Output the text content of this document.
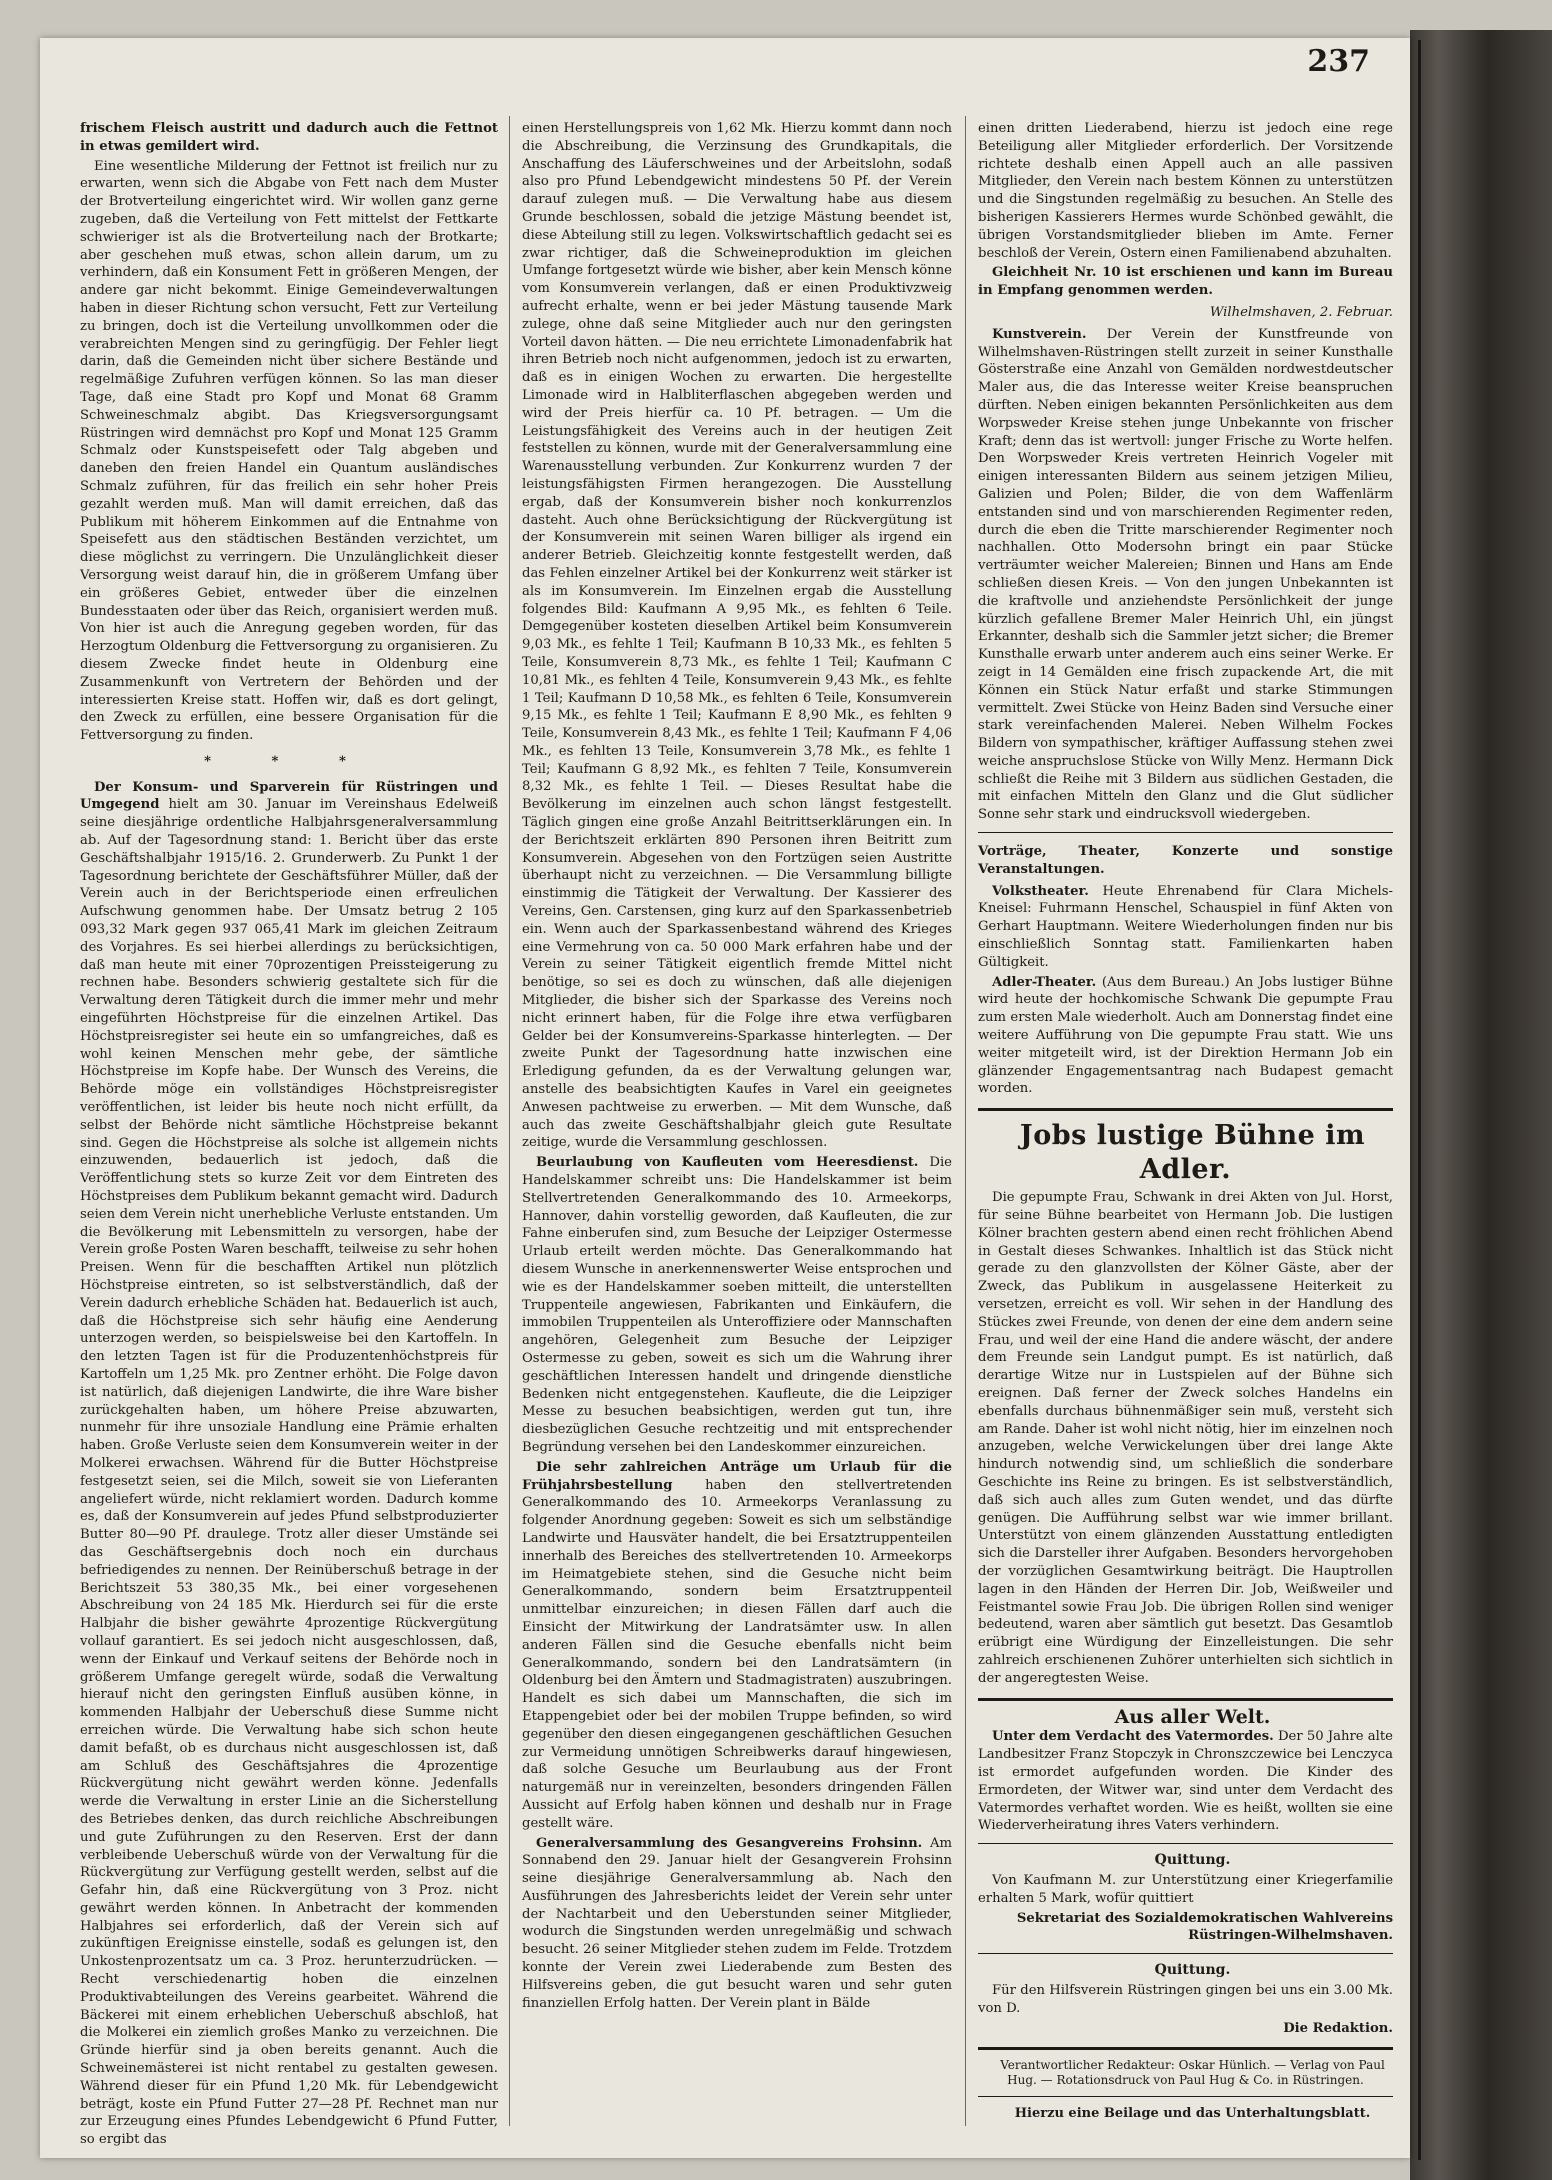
237

frischem Fleisch austritt und dadurch auch die Fettnot in etwas gemildert wird.

Eine wesentliche Milderung der Fettnot ist freilich nur zu erwarten, wenn sich die Abgabe von Fett nach dem Muster der Brotverteilung eingerichtet wird. Wir wollen ganz gerne zugeben, daß die Verteilung von Fett mittelst der Fettkarte schwieriger ist als die Brotverteilung nach der Brotkarte; aber geschehen muß etwas, schon allein darum, um zu verhindern, daß ein Konsument Fett in größeren Mengen, der andere gar nicht bekommt. Einige Gemeindeverwaltungen haben in dieser Richtung schon versucht, Fett zur Verteilung zu bringen, doch ist die Verteilung unvollkommen oder die verabreichten Mengen sind zu geringfügig. Der Fehler liegt darin, daß die Gemeinden nicht über sichere Bestände und regelmäßige Zufuhren verfügen können. So las man dieser Tage, daß eine Stadt pro Kopf und Monat 68 Gramm Schweineschmalz abgibt. Das Kriegsversorgungsamt Rüstringen wird demnächst pro Kopf und Monat 125 Gramm Schmalz oder Kunstspeisefett oder Talg abgeben und daneben den freien Handel ein Quantum ausländisches Schmalz zuführen, für das freilich ein sehr hoher Preis gezahlt werden muß. Man will damit erreichen, daß das Publikum mit höherem Einkommen auf die Entnahme von Speisefett aus den städtischen Beständen verzichtet, um diese möglichst zu verringern. Die Unzulänglichkeit dieser Versorgung weist darauf hin, die in größerem Umfang über ein größeres Gebiet, entweder über die einzelnen Bundesstaaten oder über das Reich, organisiert werden muß. Von hier ist auch die Anregung gegeben worden, für das Herzogtum Oldenburg die Fettversorgung zu organisieren. Zu diesem Zwecke findet heute in Oldenburg eine Zusammenkunft von Vertretern der Behörden und der interessierten Kreise statt. Hoffen wir, daß es dort gelingt, den Zweck zu erfüllen, eine bessere Organisation für die Fettversorgung zu finden.

* * *

Der Konsum- und Sparverein für Rüstringen und Umgegend hielt am 30. Januar im Vereinshaus Edelweiß seine diesjährige ordentliche Halbjahrsgeneralversammlung ab. Auf der Tagesordnung stand: 1. Bericht über das erste Geschäftshalbjahr 1915/16. 2. Grunderwerb. Zu Punkt 1 der Tagesordnung berichtete der Geschäftsführer Müller, daß der Verein auch in der Berichtsperiode einen erfreulichen Aufschwung genommen habe. Der Umsatz betrug 2 105 093,32 Mark gegen 937 065,41 Mark im gleichen Zeitraum des Vorjahres. Es sei hierbei allerdings zu berücksichtigen, daß man heute mit einer 70prozentigen Preissteigerung zu rechnen habe. Besonders schwierig gestaltete sich für die Verwaltung deren Tätigkeit durch die immer mehr und mehr eingeführten Höchstpreise für die einzelnen Artikel. Das Höchstpreisregister sei heute ein so umfangreiches, daß es wohl keinen Menschen mehr gebe, der sämtliche Höchstpreise im Kopfe habe. Der Wunsch des Vereins, die Behörde möge ein vollständiges Höchstpreisregister veröffentlichen, ist leider bis heute noch nicht erfüllt, da selbst der Behörde nicht sämtliche Höchstpreise bekannt sind. Gegen die Höchstpreise als solche ist allgemein nichts einzuwenden, bedauerlich ist jedoch, daß die Veröffentlichung stets so kurze Zeit vor dem Eintreten des Höchstpreises dem Publikum bekannt gemacht wird. Dadurch seien dem Verein nicht unerhebliche Verluste entstanden. Um die Bevölkerung mit Lebensmitteln zu versorgen, habe der Verein große Posten Waren beschafft, teilweise zu sehr hohen Preisen. Wenn für die beschafften Artikel nun plötzlich Höchstpreise eintreten, so ist selbstverständlich, daß der Verein dadurch erhebliche Schäden hat. Bedauerlich ist auch, daß die Höchstpreise sich sehr häufig eine Aenderung unterzogen werden, so beispielsweise bei den Kartoffeln. In den letzten Tagen ist für die Produzentenhöchstpreis für Kartoffeln um 1,25 Mk. pro Zentner erhöht. Die Folge davon ist natürlich, daß diejenigen Landwirte, die ihre Ware bisher zurückgehalten haben, um höhere Preise abzuwarten, nunmehr für ihre unsoziale Handlung eine Prämie erhalten haben. Große Verluste seien dem Konsumverein weiter in der Molkerei erwachsen. Während für die Butter Höchstpreise festgesetzt seien, sei die Milch, soweit sie von Lieferanten angeliefert würde, nicht reklamiert worden. Dadurch komme es, daß der Konsumverein auf jedes Pfund selbstproduzierter Butter 80—90 Pf. draulege. Trotz aller dieser Umstände sei das Geschäftsergebnis doch noch ein durchaus befriedigendes zu nennen. Der Reinüberschuß betrage in der Berichtszeit 53 380,35 Mk., bei einer vorgesehenen Abschreibung von 24 185 Mk. Hierdurch sei für die erste Halbjahr die bisher gewährte 4prozentige Rückvergütung vollauf garantiert. Es sei jedoch nicht ausgeschlossen, daß, wenn der Einkauf und Verkauf seitens der Behörde noch in größerem Umfange geregelt würde, sodaß die Verwaltung hierauf nicht den geringsten Einfluß ausüben könne, in kommenden Halbjahr der Ueberschuß diese Summe nicht erreichen würde. Die Verwaltung habe sich schon heute damit befaßt, ob es durchaus nicht ausgeschlossen ist, daß am Schluß des Geschäftsjahres die 4prozentige Rückvergütung nicht gewährt werden könne. Jedenfalls werde die Verwaltung in erster Linie an die Sicherstellung des Betriebes denken, das durch reichliche Abschreibungen und gute Zuführungen zu den Reserven. Erst der dann verbleibende Ueberschuß würde von der Verwaltung für die Rückvergütung zur Verfügung gestellt werden, selbst auf die Gefahr hin, daß eine Rückvergütung von 3 Proz. nicht gewährt werden können. In Anbetracht der kommenden Halbjahres sei erforderlich, daß der Verein sich auf zukünftigen Ereignisse einstelle, sodaß es gelungen ist, den Unkostenprozentsatz um ca. 3 Proz. herunterzudrücken. — Recht verschiedenartig hoben die einzelnen Produktivabteilungen des Vereins gearbeitet. Während die Bäckerei mit einem erheblichen Ueberschuß abschloß, hat die Molkerei ein ziemlich großes Manko zu verzeichnen. Die Gründe hierfür sind ja oben bereits genannt. Auch die Schweinemästerei ist nicht rentabel zu gestalten gewesen. Während dieser für ein Pfund 1,20 Mk. für Lebendgewicht beträgt, koste ein Pfund Futter 27—28 Pf. Rechnet man nur zur Erzeugung eines Pfundes Lebendgewicht 6 Pfund Futter, so ergibt das

einen Herstellungspreis von 1,62 Mk. Hierzu kommt dann noch die Abschreibung, die Verzinsung des Grundkapitals, die Anschaffung des Läuferschweines und der Arbeitslohn, sodaß also pro Pfund Lebendgewicht mindestens 50 Pf. der Verein darauf zulegen muß. — Die Verwaltung habe aus diesem Grunde beschlossen, sobald die jetzige Mästung beendet ist, diese Abteilung still zu legen. Volkswirtschaftlich gedacht sei es zwar richtiger, daß die Schweineproduktion im gleichen Umfange fortgesetzt würde wie bisher, aber kein Mensch könne vom Konsumverein verlangen, daß er einen Produktivzweig aufrecht erhalte, wenn er bei jeder Mästung tausende Mark zulege, ohne daß seine Mitglieder auch nur den geringsten Vorteil davon hätten. — Die neu errichtete Limonadenfabrik hat ihren Betrieb noch nicht aufgenommen, jedoch ist zu erwarten, daß es in einigen Wochen zu erwarten. Die hergestellte Limonade wird in Halbliterflaschen abgegeben werden und wird der Preis hierfür ca. 10 Pf. betragen. — Um die Leistungsfähigkeit des Vereins auch in der heutigen Zeit feststellen zu können, wurde mit der Generalversammlung eine Warenausstellung verbunden. Zur Konkurrenz wurden 7 der leistungsfähigsten Firmen herangezogen. Die Ausstellung ergab, daß der Konsumverein bisher noch konkurrenzlos dasteht. Auch ohne Berücksichtigung der Rückvergütung ist der Konsumverein mit seinen Waren billiger als irgend ein anderer Betrieb. Gleichzeitig konnte festgestellt werden, daß das Fehlen einzelner Artikel bei der Konkurrenz weit stärker ist als im Konsumverein. Im Einzelnen ergab die Ausstellung folgendes Bild: Kaufmann A 9,95 Mk., es fehlten 6 Teile. Demgegenüber kosteten dieselben Artikel beim Konsumverein 9,03 Mk., es fehlte 1 Teil; Kaufmann B 10,33 Mk., es fehlten 5 Teile, Konsumverein 8,73 Mk., es fehlte 1 Teil; Kaufmann C 10,81 Mk., es fehlten 4 Teile, Konsumverein 9,43 Mk., es fehlte 1 Teil; Kaufmann D 10,58 Mk., es fehlten 6 Teile, Konsumverein 9,15 Mk., es fehlte 1 Teil; Kaufmann E 8,90 Mk., es fehlten 9 Teile, Konsumverein 8,43 Mk., es fehlte 1 Teil; Kaufmann F 4,06 Mk., es fehlten 13 Teile, Konsumverein 3,78 Mk., es fehlte 1 Teil; Kaufmann G 8,92 Mk., es fehlten 7 Teile, Konsumverein 8,32 Mk., es fehlte 1 Teil. — Dieses Resultat habe die Bevölkerung im einzelnen auch schon längst festgestellt. Täglich gingen eine große Anzahl Beitrittserklärungen ein. In der Berichtszeit erklärten 890 Personen ihren Beitritt zum Konsumverein. Abgesehen von den Fortzügen seien Austritte überhaupt nicht zu verzeichnen. — Die Versammlung billigte einstimmig die Tätigkeit der Verwaltung. Der Kassierer des Vereins, Gen. Carstensen, ging kurz auf den Sparkassenbetrieb ein. Wenn auch der Sparkassenbestand während des Krieges eine Vermehrung von ca. 50 000 Mark erfahren habe und der Verein zu seiner Tätigkeit eigentlich fremde Mittel nicht benötige, so sei es doch zu wünschen, daß alle diejenigen Mitglieder, die bisher sich der Sparkasse des Vereins noch nicht erinnert haben, für die Folge ihre etwa verfügbaren Gelder bei der Konsumvereins-Sparkasse hinterlegten. — Der zweite Punkt der Tagesordnung hatte inzwischen eine Erledigung gefunden, da es der Verwaltung gelungen war, anstelle des beabsichtigten Kaufes in Varel ein geeignetes Anwesen pachtweise zu erwerben. — Mit dem Wunsche, daß auch das zweite Geschäftshalbjahr gleich gute Resultate zeitige, wurde die Versammlung geschlossen.

Beurlaubung von Kaufleuten vom Heeresdienst. Die Handelskammer schreibt uns: Die Handelskammer ist beim Stellvertretenden Generalkommando des 10. Armeekorps, Hannover, dahin vorstellig geworden, daß Kaufleuten, die zur Fahne einberufen sind, zum Besuche der Leipziger Ostermesse Urlaub erteilt werden möchte. Das Generalkommando hat diesem Wunsche in anerkennenswerter Weise entsprochen und wie es der Handelskammer soeben mitteilt, die unterstellten Truppenteile angewiesen, Fabrikanten und Einkäufern, die immobilen Truppenteilen als Unteroffiziere oder Mannschaften angehören, Gelegenheit zum Besuche der Leipziger Ostermesse zu geben, soweit es sich um die Wahrung ihrer geschäftlichen Interessen handelt und dringende dienstliche Bedenken nicht entgegenstehen. Kaufleute, die die Leipziger Messe zu besuchen beabsichtigen, werden gut tun, ihre diesbezüglichen Gesuche rechtzeitig und mit entsprechender Begründung versehen bei den Landeskommer einzureichen.

Die sehr zahlreichen Anträge um Urlaub für die Frühjahrsbestellung haben den stellvertretenden Generalkommando des 10. Armeekorps Veranlassung zu folgender Anordnung gegeben: Soweit es sich um selbständige Landwirte und Hausväter handelt, die bei Ersatztruppenteilen innerhalb des Bereiches des stellvertretenden 10. Armeekorps im Heimatgebiete stehen, sind die Gesuche nicht beim Generalkommando, sondern beim Ersatztruppenteil unmittelbar einzureichen; in diesen Fällen darf auch die Einsicht der Mitwirkung der Landratsämter usw. In allen anderen Fällen sind die Gesuche ebenfalls nicht beim Generalkommando, sondern bei den Landratsämtern (in Oldenburg bei den Ämtern und Stadmagistraten) auszubringen. Handelt es sich dabei um Mannschaften, die sich im Etappengebiet oder bei der mobilen Truppe befinden, so wird gegenüber den diesen eingegangenen geschäftlichen Gesuchen zur Vermeidung unnötigen Schreibwerks darauf hingewiesen, daß solche Gesuche um Beurlaubung aus der Front naturgemäß nur in vereinzelten, besonders dringenden Fällen Aussicht auf Erfolg haben können und deshalb nur in Frage gestellt wäre.

Generalversammlung des Gesangvereins Frohsinn. Am Sonnabend den 29. Januar hielt der Gesangverein Frohsinn seine diesjährige Generalversammlung ab. Nach den Ausführungen des Jahresberichts leidet der Verein sehr unter der Nachtarbeit und den Ueberstunden seiner Mitglieder, wodurch die Singstunden werden unregelmäßig und schwach besucht. 26 seiner Mitglieder stehen zudem im Felde. Trotzdem konnte der Verein zwei Liederabende zum Besten des Hilfsvereins geben, die gut besucht waren und sehr guten finanziellen Erfolg hatten. Der Verein plant in Bälde

einen dritten Liederabend, hierzu ist jedoch eine rege Beteiligung aller Mitglieder erforderlich. Der Vorsitzende richtete deshalb einen Appell auch an alle passiven Mitglieder, den Verein nach bestem Können zu unterstützen und die Singstunden regelmäßig zu besuchen. An Stelle des bisherigen Kassierers Hermes wurde Schönbed gewählt, die übrigen Vorstandsmitglieder blieben im Amte. Ferner beschloß der Verein, Ostern einen Familienabend abzuhalten.

Gleichheit Nr. 10 ist erschienen und kann im Bureau in Empfang genommen werden.

Wilhelmshaven, 2. Februar.

Kunstverein. Der Verein der Kunstfreunde von Wilhelmshaven-Rüstringen stellt zurzeit in seiner Kunsthalle Gösterstraße eine Anzahl von Gemälden nordwestdeutscher Maler aus, die das Interesse weiter Kreise beanspruchen dürften. Neben einigen bekannten Persönlichkeiten aus dem Worpsweder Kreise stehen junge Unbekannte von frischer Kraft; denn das ist wertvoll: junger Frische zu Worte helfen. Den Worpsweder Kreis vertreten Heinrich Vogeler mit einigen interessanten Bildern aus seinem jetzigen Milieu, Galizien und Polen; Bilder, die von dem Waffenlärm entstanden sind und von marschierenden Regimenter reden, durch die eben die Tritte marschierender Regimenter noch nachhallen. Otto Modersohn bringt ein paar Stücke verträumter weicher Malereien; Binnen und Hans am Ende schließen diesen Kreis. — Von den jungen Unbekannten ist die kraftvolle und anziehendste Persönlichkeit der junge kürzlich gefallene Bremer Maler Heinrich Uhl, ein jüngst Erkannter, deshalb sich die Sammler jetzt sicher; die Bremer Kunsthalle erwarb unter anderem auch eins seiner Werke. Er zeigt in 14 Gemälden eine frisch zupackende Art, die mit Können ein Stück Natur erfaßt und starke Stimmungen vermittelt. Zwei Stücke von Heinz Baden sind Versuche einer stark vereinfachenden Malerei. Neben Wilhelm Fockes Bildern von sympathischer, kräftiger Auffassung stehen zwei weiche anspruchslose Stücke von Willy Menz. Hermann Dick schließt die Reihe mit 3 Bildern aus südlichen Gestaden, die mit einfachen Mitteln den Glanz und die Glut südlicher Sonne sehr stark und eindrucksvoll wiedergeben.

Vorträge, Theater, Konzerte und sonstige Veranstaltungen.

Volkstheater. Heute Ehrenabend für Clara Michels-Kneisel: Fuhrmann Henschel, Schauspiel in fünf Akten von Gerhart Hauptmann. Weitere Wiederholungen finden nur bis einschließlich Sonntag statt. Familienkarten haben Gültigkeit.

Adler-Theater. (Aus dem Bureau.) An Jobs lustiger Bühne wird heute der hochkomische Schwank Die gepumpte Frau zum ersten Male wiederholt. Auch am Donnerstag findet eine weitere Aufführung von Die gepumpte Frau statt. Wie uns weiter mitgeteilt wird, ist der Direktion Hermann Job ein glänzender Engagementsantrag nach Budapest gemacht worden.

Jobs lustige Bühne im Adler.

Die gepumpte Frau, Schwank in drei Akten von Jul. Horst, für seine Bühne bearbeitet von Hermann Job. Die lustigen Kölner brachten gestern abend einen recht fröhlichen Abend in Gestalt dieses Schwankes. Inhaltlich ist das Stück nicht gerade zu den glanzvollsten der Kölner Gäste, aber der Zweck, das Publikum in ausgelassene Heiterkeit zu versetzen, erreicht es voll. Wir sehen in der Handlung des Stückes zwei Freunde, von denen der eine dem andern seine Frau, und weil der eine Hand die andere wäscht, der andere dem Freunde sein Landgut pumpt. Es ist natürlich, daß derartige Witze nur in Lustspielen auf der Bühne sich ereignen. Daß ferner der Zweck solches Handelns ein ebenfalls durchaus bühnenmäßiger sein muß, versteht sich am Rande. Daher ist wohl nicht nötig, hier im einzelnen noch anzugeben, welche Verwickelungen über drei lange Akte hindurch notwendig sind, um schließlich die sonderbare Geschichte ins Reine zu bringen. Es ist selbstverständlich, daß sich auch alles zum Guten wendet, und das dürfte genügen. Die Aufführung selbst war wie immer brillant. Unterstützt von einem glänzenden Ausstattung entledigten sich die Darsteller ihrer Aufgaben. Besonders hervorgehoben der vorzüglichen Gesamtwirkung beiträgt. Die Hauptrollen lagen in den Händen der Herren Dir. Job, Weißweiler und Feistmantel sowie Frau Job. Die übrigen Rollen sind weniger bedeutend, waren aber sämtlich gut besetzt. Das Gesamtlob erübrigt eine Würdigung der Einzelleistungen. Die sehr zahlreich erschienenen Zuhörer unterhielten sich sichtlich in der angeregtesten Weise.

Aus aller Welt.

Unter dem Verdacht des Vatermordes. Der 50 Jahre alte Landbesitzer Franz Stopczyk in Chronszczewice bei Lenczyca ist ermordet aufgefunden worden. Die Kinder des Ermordeten, der Witwer war, sind unter dem Verdacht des Vatermordes verhaftet worden. Wie es heißt, wollten sie eine Wiederverheiratung ihres Vaters verhindern.

Quittung.

Von Kaufmann M. zur Unterstützung einer Kriegerfamilie erhalten 5 Mark, wofür quittiert

Sekretariat des Sozialdemokratischen Wahlvereins Rüstringen-Wilhelmshaven.

Quittung.

Für den Hilfsverein Rüstringen gingen bei uns ein 3.00 Mk. von D.

Die Redaktion.

Verantwortlicher Redakteur: Oskar Hünlich. — Verlag von Paul Hug. — Rotationsdruck von Paul Hug & Co. in Rüstringen.

Hierzu eine Beilage und das Unterhaltungsblatt.
